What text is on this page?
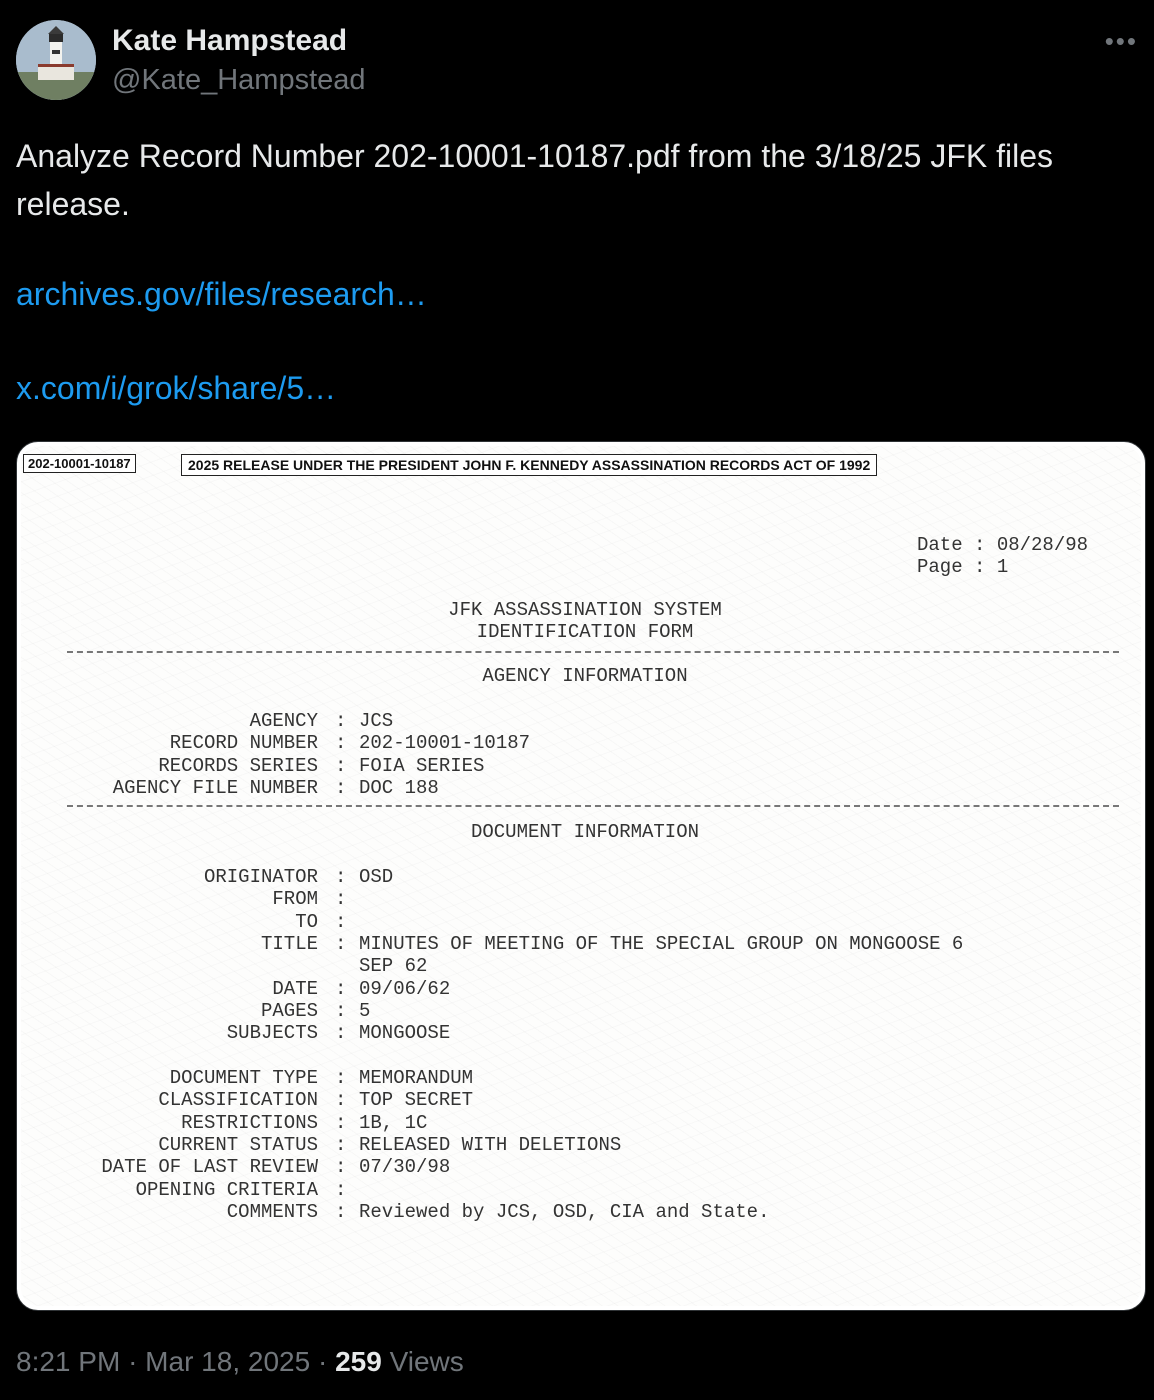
Kate Hampstead
@Kate_Hampstead
•••
Analyze Record Number 202-10001-10187.pdf from the 3/18/25 JFK files release.
archives.gov/files/research…
x.com/i/grok/share/5…
202-10001-10187	2025 RELEASE UNDER THE PRESIDENT JOHN F. KENNEDY ASSASSINATION RECORDS ACT OF 1992
Date : 08/28/98
Page : 1
JFK ASSASSINATION SYSTEM
IDENTIFICATION FORM
AGENCY INFORMATION
AGENCY : JCS
RECORD NUMBER : 202-10001-10187
RECORDS SERIES : FOIA SERIES
AGENCY FILE NUMBER : DOC 188
DOCUMENT INFORMATION
ORIGINATOR : OSD
FROM :
TO :
TITLE : MINUTES OF MEETING OF THE SPECIAL GROUP ON MONGOOSE 6
SEP 62
DATE : 09/06/62
PAGES : 5
SUBJECTS : MONGOOSE
DOCUMENT TYPE : MEMORANDUM
CLASSIFICATION : TOP SECRET
RESTRICTIONS : 1B, 1C
CURRENT STATUS : RELEASED WITH DELETIONS
DATE OF LAST REVIEW : 07/30/98
OPENING CRITERIA :
COMMENTS : Reviewed by JCS, OSD, CIA and State.
8:21 PM · Mar 18, 2025 · 259 Views
